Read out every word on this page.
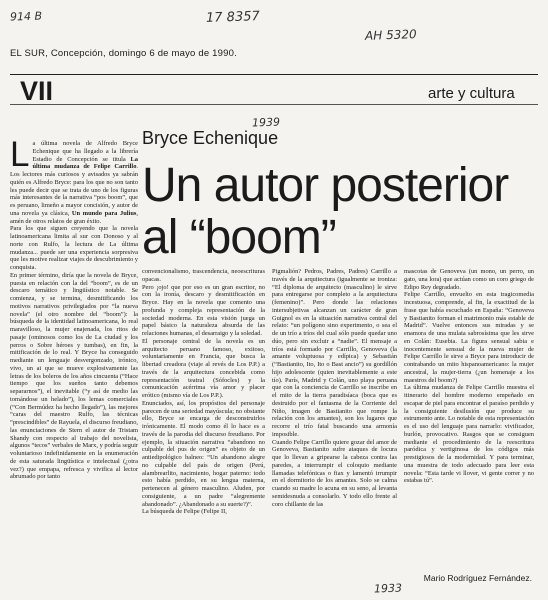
914 B	17 8357
AH 5320
1939
EL SUR, Concepción, domingo 6 de mayo de 1990.
VII	arte y cultura
Bryce Echenique
Un autor posterior
al “boom”
L a última novela de Alfredo Bryce Echenique que ha llegado a la librería Estadio de Concepción se titula La última mudanza de Felipe Carrillo. Los lectores más curiosos y avisados ya sabrán quién es Alfredo Bryce: para los que no son tanto les puede decir que se trata de uno de los figuras más interesantes de la narrativa “pos boom”, que es peruano, limeño a mayor concisión, y autor de una novela ya clásica, Un mundo para Julius, amén de otros relatos de gran éxito.

Para los que siguen creyendo que la novela latinoamericana limita al sur con Donoso y al norte con Rulfo, la lectura de La última mudanza... puede ser una experiencia sorpresiva que les motive realizar viajes de descubrimiento y conquista.

En primer término, diría que la novela de Bryce, puesta en relación con la del “boom”, es de un descaro temático y lingüístico notable. Se comienza, y se termina, desmitificando los motivos narrativos privilegiados por “la nueva novela” (el otro nombre del “boom”): la búsqueda de la identidad latinoamericana, lo real maravilloso, la mujer enajenada, los ritos de pasaje (ominosos como los de La ciudad y los perros o Sobre héroes y tumbas), en fin, la mitificación de lo real. Y Bryce ha conseguido mediante un lenguaje desvergonzado, irónico, vivo, un ai que se mueve explosivamente las letras de los boleros de los años cincuenta (“Hace tiempo que los sueños tanto debemos separarnos”), el inevitable (“y así de medio las tomándose un helado”), los lemas comerciales (“Con Bermúdez ha hecho llegado”), las mejores “caras del maestro Rulfo, las técnicas “prescindibles” de Rayuela, el discurso freudiano, las enunciaciones de Stern el autor de Tristam Shandy con respecto al trabajo del novelista, algunos “tecos” verbales de Marx, y podría seguir voluntarioso indefinidamente en la enumeración de esta saturada lingüística e intelectual (¿otra vez?) que empapa, refresca y vivifica al lector abrumado por tanto

convencionalismo, trascendencia, neoescrituras opacas.

Pero ¡ojo! que por eso es un gran escritor, no con la ironía, descaro y desmitificación en Bryce. Hay en la novela que comento una profunda y compleja representación de la sociedad moderna. En esta visión juega un papel básico la naturaleza absurda de las relaciones humanas, el desarraigo y la soledad.

El personaje central de la novela es un arquitecto peruano famoso, exitoso, voluntariamente en Francia, que busca la libertad creadora (viaje al revés de Los P.P.) a través de la arquitectura concebida como representación teatral (Sófocles) y la comunicación acérrima vía amor y placer erótico (mismo vía de Los P.P.).

Enunciados, así, los propósitos del personaje parecen de una seriedad mayúscula; no obstante ello, Bryce se encarga de desconstruirlos irónicamente. El modo como él lo hace es a través de la parodia del discurso freudiano. Por ejemplo, la situación narrativa “abandono no culpable del pus de origen” es objeto de un antiedipológico balneo: “Un abandono alegre no culpable del país de origen (Perú, alambrearlito, nacimiento, hogar paterno: todo esto había perdido, en su lengua materna, pertenecen al género masculino. Aluden, por consiguiente, a un padre “alegremente abandonado”. ¿Abandonado a su suerte?)”.

La búsqueda de Felipe (Felipe II,

Pigmalión? Pedros, Padres, Padres) Carrillo a través de la arquitectura (igualmente se ironiza: “El diploma de arquitecto (masculino) le sirve para entregarse por completo a la arquitectura (femenino)”. Pero donde las relaciones intersubjetivas alcanzan un carácter de gran Guignol es en la situación narrativa central del relato: “un polígono sino experimento, o sea el de un trío a tríos del cual sólo puede quedar uno dúo, pero sin excluir a “nadie”. El mensaje a tríos está formado por Carrillo, Genoveva (la amante voluptuosa y edípica) y Sebastián (“Bastianito, Ito, Ito o Bast ancio”) su gordillón hijo adolescente (quien inevitablemente a este tío). París, Madrid y Colán, uno playa peruana que con la conciencia de Carrillo se inscribe en el mito de la tierra paradisíaca (boca que es destruido por el fantasma de la Corriente del Niño, imagen de Bastianito que rompe la relación con los amantes), son los lugares que recorre el trío fatal buscando una armonía imposible.

Cuando Felipe Carrillo quiere gozar del amor de Genoveva, Bastianito sufre ataques de locura que lo llevan a gripearse la cabeza contra las paredes, a interrumpir el coloquio mediante llamadas telefónicas o fiax y lamentó irrumpir en el dormitorio de los amantes. Solo se calma cuando su madre lo acuna en su seno, al levanta semidesnuda a consolarlo. Y todo ello frente al coro chillante de las

mascotas de Genoveva (un mono, un perro, un gato, una lora) que actúan como un coro griego de Edipo Rey degradado.

Felipe Carrillo, envuelto en esta tragicomedia incestuosa, comprende, al fin, la exactitud de la frase que había escuchado en España: “Genoveva y Bastianito forman el matrimonio más estable de Madrid”. Vuelve entonces sus miradas y se enamora de una mulata sabrosísima que les sirve en Colán: Eusebia. La figura sensual sabia e inocentemente sensual de la nueva mujer de Felipe Carrillo le sirve a Bryce para introducir de contrabando un mito hispanoamericano: la mujer ancestral, la mujer-tierra (¿un homenaje a los maestros del boom?)

La última mudanza de Felipe Carrillo muestra el itinerario del hombre moderno empeñado en escapar de piel para encontrar el paraíso perdido y la consiguiente desilusión que produce su estrumento ante. Lo notable de esta representación es el uso del lenguaje para narrarlo: vivificador, burlón, provocativo. Rasgos que se consiguen mediante el procedimiento de la reescritura paródica y vertiginosa de los códigos más prestigiosos de la modernidad. Y para terminar, una muestra de todo adecuado para leer esta novela: “Esta tarde vi llover, vi gente correr y no estabas tú”.

Mario Rodríguez Fernández.
1933
